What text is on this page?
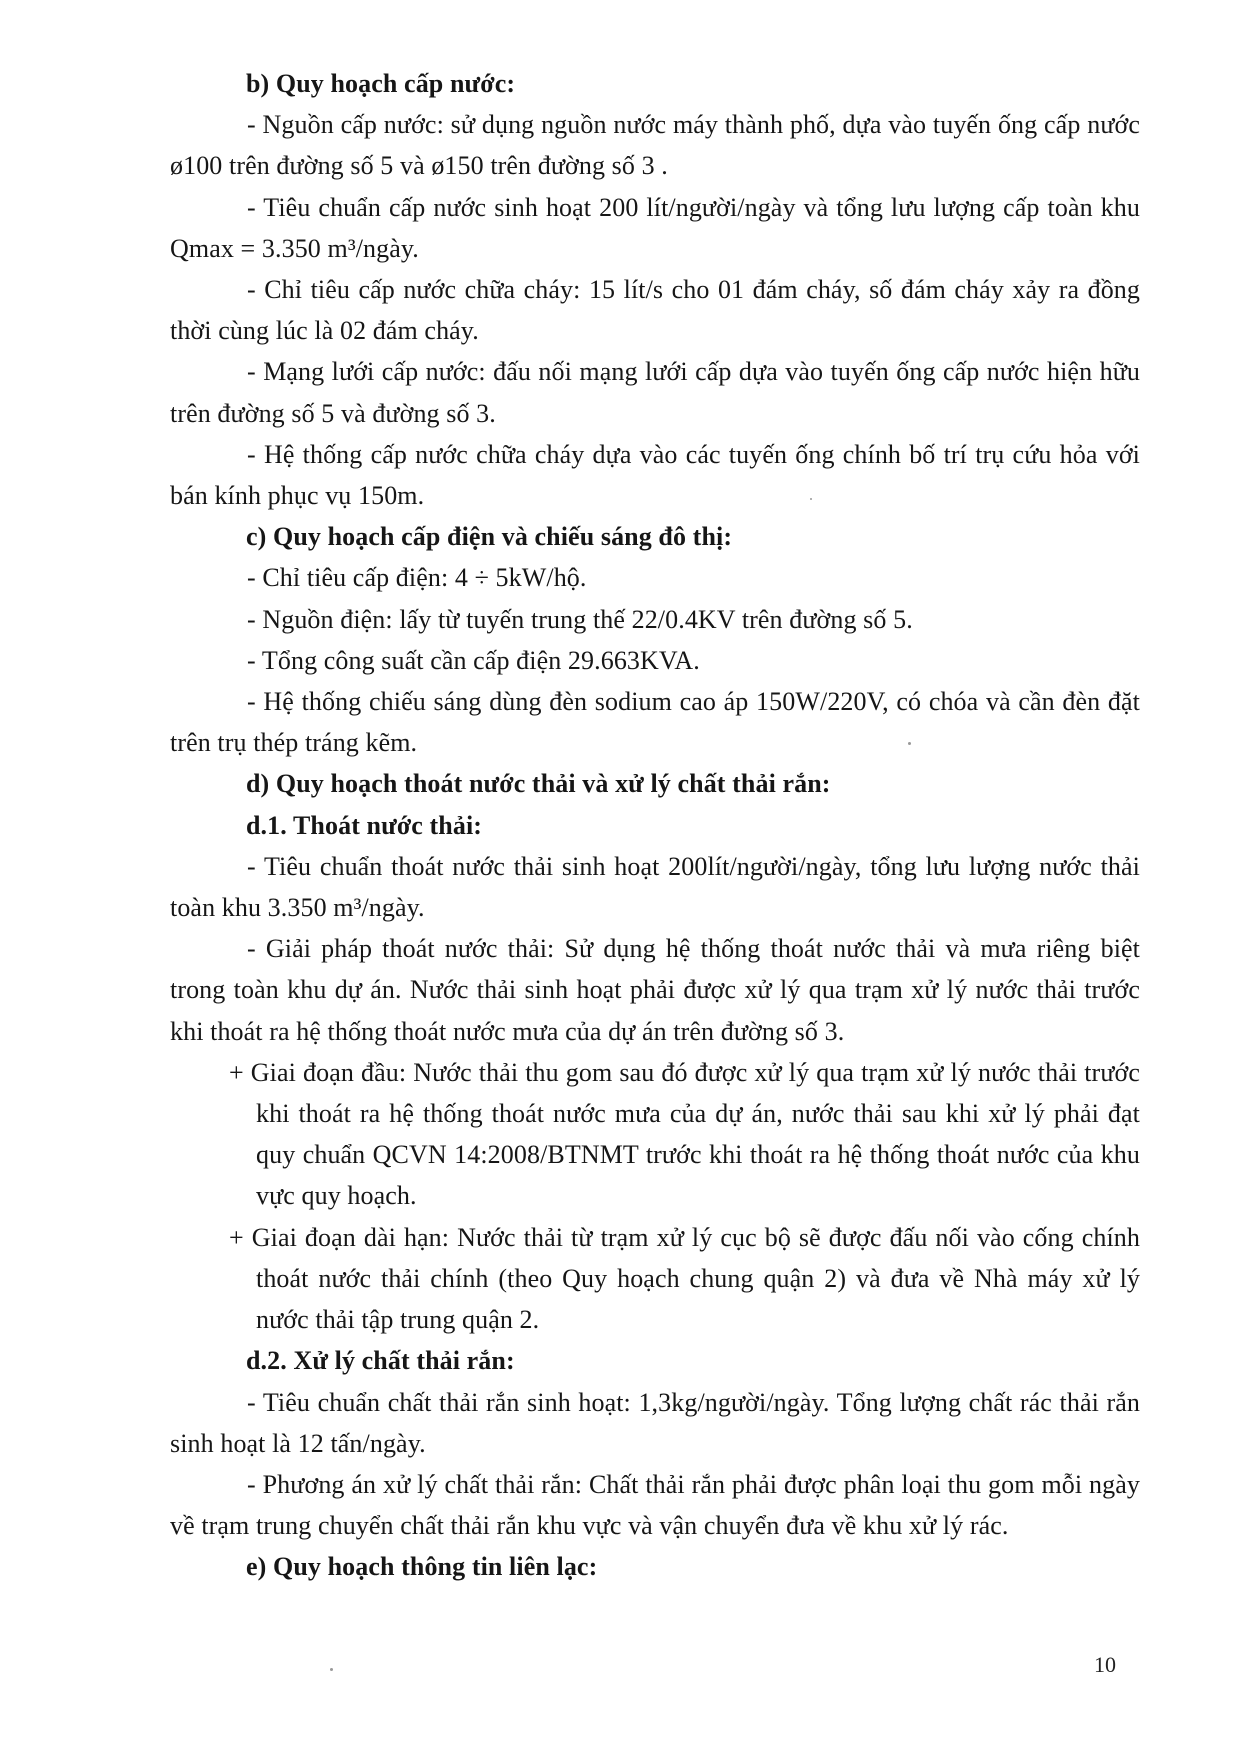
b) Quy hoạch cấp nước:

- Nguồn cấp nước: sử dụng nguồn nước máy thành phố, dựa vào tuyến ống cấp nước ø100 trên đường số 5 và ø150 trên đường số 3 .

- Tiêu chuẩn cấp nước sinh hoạt 200 lít/người/ngày và tổng lưu lượng cấp toàn khu Qmax = 3.350 m³/ngày.

- Chỉ tiêu cấp nước chữa cháy: 15 lít/s cho 01 đám cháy, số đám cháy xảy ra đồng thời cùng lúc là 02 đám cháy.

- Mạng lưới cấp nước: đấu nối mạng lưới cấp dựa vào tuyến ống cấp nước hiện hữu trên đường số 5 và đường số 3.

- Hệ thống cấp nước chữa cháy dựa vào các tuyến ống chính bố trí trụ cứu hỏa với bán kính phục vụ 150m.

c) Quy hoạch cấp điện và chiếu sáng đô thị:

- Chỉ tiêu cấp điện: 4 ÷ 5kW/hộ.

- Nguồn điện: lấy từ tuyến trung thế 22/0.4KV trên đường số 5.

- Tổng công suất cần cấp điện 29.663KVA.

- Hệ thống chiếu sáng dùng đèn sodium cao áp 150W/220V, có chóa và cần đèn đặt trên trụ thép tráng kẽm.

d) Quy hoạch thoát nước thải và xử lý chất thải rắn:

d.1. Thoát nước thải:

- Tiêu chuẩn thoát nước thải sinh hoạt 200lít/người/ngày, tổng lưu lượng nước thải toàn khu 3.350 m³/ngày.

- Giải pháp thoát nước thải: Sử dụng hệ thống thoát nước thải và mưa riêng biệt trong toàn khu dự án. Nước thải sinh hoạt phải được xử lý qua trạm xử lý nước thải trước khi thoát ra hệ thống thoát nước mưa của dự án trên đường số 3.

+ Giai đoạn đầu: Nước thải thu gom sau đó được xử lý qua trạm xử lý nước thải trước khi thoát ra hệ thống thoát nước mưa của dự án, nước thải sau khi xử lý phải đạt quy chuẩn QCVN 14:2008/BTNMT trước khi thoát ra hệ thống thoát nước của khu vực quy hoạch.

+ Giai đoạn dài hạn: Nước thải từ trạm xử lý cục bộ sẽ được đấu nối vào cống chính thoát nước thải chính (theo Quy hoạch chung quận 2) và đưa về Nhà máy xử lý nước thải tập trung quận 2.

d.2. Xử lý chất thải rắn:

- Tiêu chuẩn chất thải rắn sinh hoạt: 1,3kg/người/ngày. Tổng lượng chất rác thải rắn sinh hoạt là 12 tấn/ngày.

- Phương án xử lý chất thải rắn: Chất thải rắn phải được phân loại thu gom mỗi ngày về trạm trung chuyển chất thải rắn khu vực và vận chuyển đưa về khu xử lý rác.

e) Quy hoạch thông tin liên lạc:

10
